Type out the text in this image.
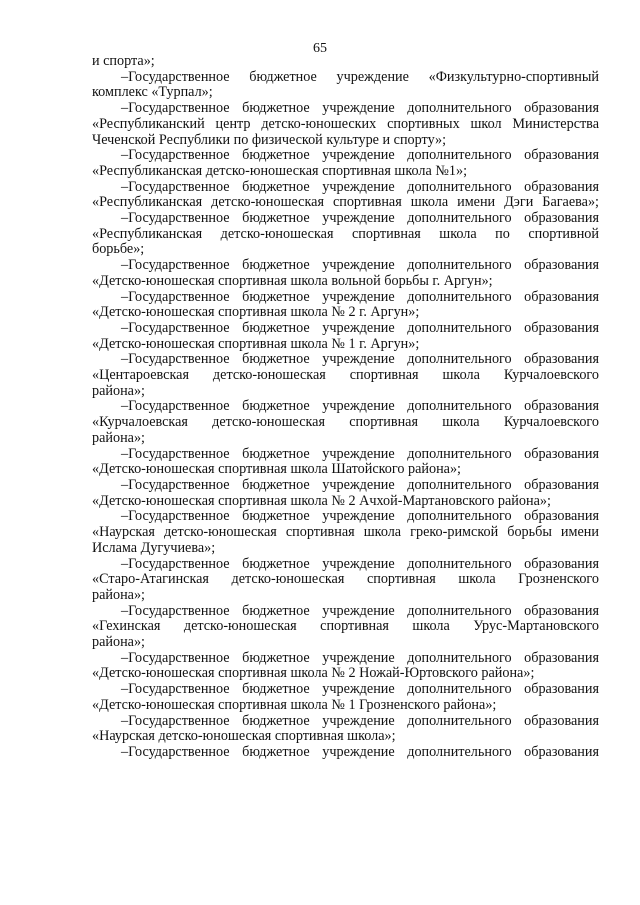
65
и спорта»;
–Государственное бюджетное учреждение «Физкультурно-спортивный
комплекс «Турпал»;
–Государственное бюджетное учреждение дополнительного образования
«Республиканский центр детско-юношеских спортивных школ Министерства
Чеченской Республики по физической культуре и спорту»;
–Государственное бюджетное учреждение дополнительного образования
«Республиканская детско-юношеская спортивная школа №1»;
–Государственное бюджетное учреждение дополнительного образования
«Республиканская детско-юношеская спортивная школа имени Дэги Багаева»;
–Государственное бюджетное учреждение дополнительного образования
«Республиканская детско-юношеская спортивная школа по спортивной
борьбе»;
–Государственное бюджетное учреждение дополнительного образования
«Детско-юношеская спортивная школа вольной борьбы г. Аргун»;
–Государственное бюджетное учреждение дополнительного образования
«Детско-юношеская спортивная школа № 2 г. Аргун»;
–Государственное бюджетное учреждение дополнительного образования
«Детско-юношеская спортивная школа № 1 г. Аргун»;
–Государственное бюджетное учреждение дополнительного образования
«Центароевская детско-юношеская спортивная школа Курчалоевского
района»;
–Государственное бюджетное учреждение дополнительного образования
«Курчалоевская детско-юношеская спортивная школа Курчалоевского
района»;
–Государственное бюджетное учреждение дополнительного образования
«Детско-юношеская спортивная школа Шатойского района»;
–Государственное бюджетное учреждение дополнительного образования
«Детско-юношеская спортивная школа № 2 Ачхой-Мартановского района»;
–Государственное бюджетное учреждение дополнительного образования
«Наурская детско-юношеская спортивная школа греко-римской борьбы имени
Ислама Дугучиева»;
–Государственное бюджетное учреждение дополнительного образования
«Старо-Атагинская детско-юношеская спортивная школа Грозненского
района»;
–Государственное бюджетное учреждение дополнительного образования
«Гехинская детско-юношеская спортивная школа Урус-Мартановского
района»;
–Государственное бюджетное учреждение дополнительного образования
«Детско-юношеская спортивная школа № 2 Ножай-Юртовского района»;
–Государственное бюджетное учреждение дополнительного образования
«Детско-юношеская спортивная школа № 1 Грозненского района»;
–Государственное бюджетное учреждение дополнительного образования
«Наурская детско-юношеская спортивная школа»;
–Государственное бюджетное учреждение дополнительного образования
